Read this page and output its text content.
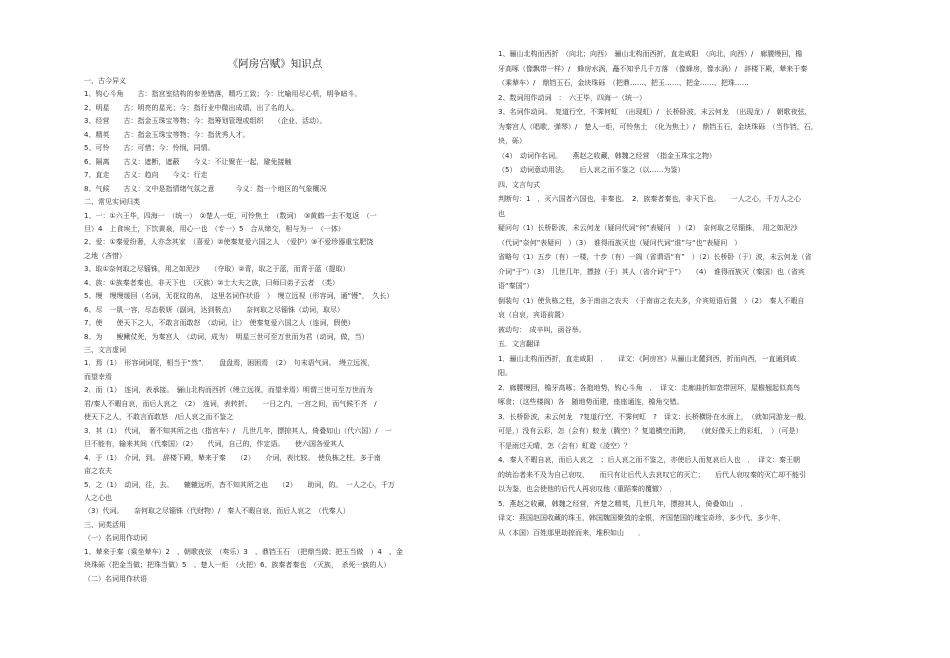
《阿房宫赋》知识点
一、古今异义
1、钩心斗角　　古：指宫室结构的参差错落，精巧工致；今：比喻用尽心机，明争暗斗。
2、明星　　古：明亮的星光；今：指行业中微出成绩，出了名的人。
3、经营　　古：指金玉珠宝等物；今：指筹划管理或组织　　（企业、活动）。
4、精英　　古：指金玉珠宝等物；今：指优秀人才。
5、可怜　　古：可惜；今：怜悯，同情。
6、隔离　　古义：遮断，遮蔽　　今义：不让聚在一起，避免接触
7、直走　　古义：趋向　　今义：行走
8、气候　　古义：文中是指情绪气氛之意　　　今义：指一个地区的气象概况
二、常见实词归类
1、一：①六王毕，四海一　（统一）　②楚人一炬，可怜焦土　（数词）　③黄鹤一去不复返　（一
旦）4　上食埃土，下饮黄泉，用心一也　（专一）5　合从缔交，相与为一　（一体）
2、爱：①秦爱纷奢，人亦念其家　（喜爱）②使秦复爱六国之人　（爱护）③不爱珍器重宝肥饶
之地（吝惜）
3、取①奈何取之尽锱铢，用之如泥沙　　（夺取）②青，取之于蓝，而青于蓝（提取）
4、族：①族秦者秦也，非天下也　（灭族）②士大夫之族，曰师曰弟子云者　（类）
5、缦　缦缦缓回（名词，无花纹的帛，　这里名词作状语　）　缦立远视（形容词，通“慢”，　久长）
6、尽　一肌一容，尽态极妍（副词，达到极点）　　奈何取之尽锱铢（动词，取尽）
7、使　　使天下之人，不敢言而敢怒　（动词，让）　使秦复爱六国之人（连词，假使）
8、为　　鲵鳅仗死，为秦宫人　（动词，成为）　明星三世可至万世而为君（动词，做，当）
三、文言虚词
1．焉（1）　形容词词尾，相当于“然”．　　盘盘焉，困困焉　（2）　句末语气词。　缦立远视，
而望幸焉
2．而（1）　连词，表承接。　骊山北构而西折（缦立远视，而望幸焉）明谓三世可至万世而为
君/秦人不暇自哀，而后人哀之　（2）　连词，表转折。　　一日之内，一宫之间，而气候不齐　/
使天下之人，不敢言而敢怒　/后人哀之而不鉴之
3．其（1）　代词，　奢不知其所之也（指宫车）/　几世几年，摽掠其人，倚叠如山（代六国）/　一
旦不能有，输来其间（代秦国）（2）　　代词，自己的，作定语。　　使六国各爱其人
4．于（1）　介词，到。　辞楼下殿，辇来于秦　　（2）　　介词，表比较。　使负栋之柱，多于南
亩之农夫
5．之（1）　动词，往，去。　　辘辘远听，杳不知其所之也　　（2）　　助词，的。　一人之心，千万
人之心也
（3）代词。　　奈何取之尽锱铢（代财物）/　秦人不暇自哀，而后人哀之　（代秦人）
三、词类活用
（一）名词用作动词
1、辇来于秦（乘坐辇车）2　、朝歌夜弦　（奏乐）3　、鼎铛玉石　（把鼎当做；把玉当做　）4　、金
块珠砾（把金当做；把珠当做）5　、楚人一炬　（火把）6、族秦者秦也　（灭族，　杀死一族的人）
（二）名词用作状语
1、骊山北构而西折　（向北；向西）　骊山北构而西折，直走咸阳　（向北，向西）/　廊腰缦回，檐
牙高啄（像飘带一样）/　蜂房水涡，矗不知乎几千万落　（像蜂房，像水涡）/　辞楼下殿，辇来于秦
（乘辇车）/　鼎铛玉石，金块珠砾　（把鼎……、把玉……、把金……、把珠……
2、数词用作动词　：　六王毕，四海一（统一）
3、名词作动词。　复道行空，不霁何虹　（出现虹）/　长桥卧波，未云何龙　（出现龙）/　朝歌夜弦，
为秦宫人（唱歌，弹琴）/　楚人一炬，可怜焦土　（化为焦土）/　鼎铛玉石，金块珠砾　（当作铛，石，
块，砾）
（4）　动词作名词。　　燕赵之收藏，韩魏之经营　（指金玉珠宝之物）
（5）　动词意动用法。　　后人哀之而不鉴之（以……为鉴）
四、文言句式
判断句：1　，灭六国者六国也，非秦也。　2．族秦者秦也，非天下也。　　一人之心，千万人之心
也
疑问句（1）长桥卧波，未云何龙（疑问代词“何”表疑问　）（2）　奈何取之尽锱铢，　用之如泥沙
（代词“奈何”表疑问　）（3）　谁得而族灭也（疑问代词“谁”与“也”表疑问　）
省略句（1）五步（有）一楼，十步（有）一阁（省谓语“有”　）（2）长桥卧（于）波，未云何龙（省
介词“于”）（3）　几世几年，摽掠（于）其人（省介词“于”）　　（4）　谁得而族灭（秦国）也（省宾
语“秦国”）
倒装句（1）使负栋之柱，多于南亩之农夫　（于南亩之农夫多，介宾短语后置　）（2）　秦人不暇自
哀（自哀，宾语前置）
被动句：　成辛叫，函谷举。
五．文言翻译
1．骊山北构而西折，直走咸阳　．　　译文：《阿房宫》从骊山北麓到西，折而向西，一直通到咸
阳。
2．廊腰缦回，檐牙高啄；各抱地势，钩心斗角　．　译文：走廊曲折如宽带回环，屋檐翘起似高鸟
啄食；（这些楼阁）各　随地势而建，座座通连，檐角交错。
3．长桥卧波，未云何龙　?复道行空，不霁何虹　?　译文：长桥横卧在水面上，　（就如同游龙一般，
可是，）没有云彩，怎（会有）蛟龙（腾空）？复道横空而跨，　　（就好像天上的彩虹，　）（可是）
不是雨过天晴，怎（会有）虹霓（凌空）？
4．秦人不暇自哀，而后人哀之　；后人哀之而不鉴之，亦使后人而复哀后人也　．　译文：秦王朝
的统治者来不及为自己哀叹，　　而只有让后代人去哀叹它的灭亡；　　后代人哀叹秦的灭亡却不能引
以为鉴，也会使他的后代人再哀叹他（重蹈秦的覆辙）　．
5．燕赵之收藏，韩魏之经营，齐楚之精英，几世几年，摽掠其人，倚叠如山　．
译文：燕国赵国收藏的珠玉，韩国魏国聚敛的金银，齐国楚国的瑰宝奇珍，多少代、多少年，
从（本国）百姓那里劫掠而来，堆积如山　　．
